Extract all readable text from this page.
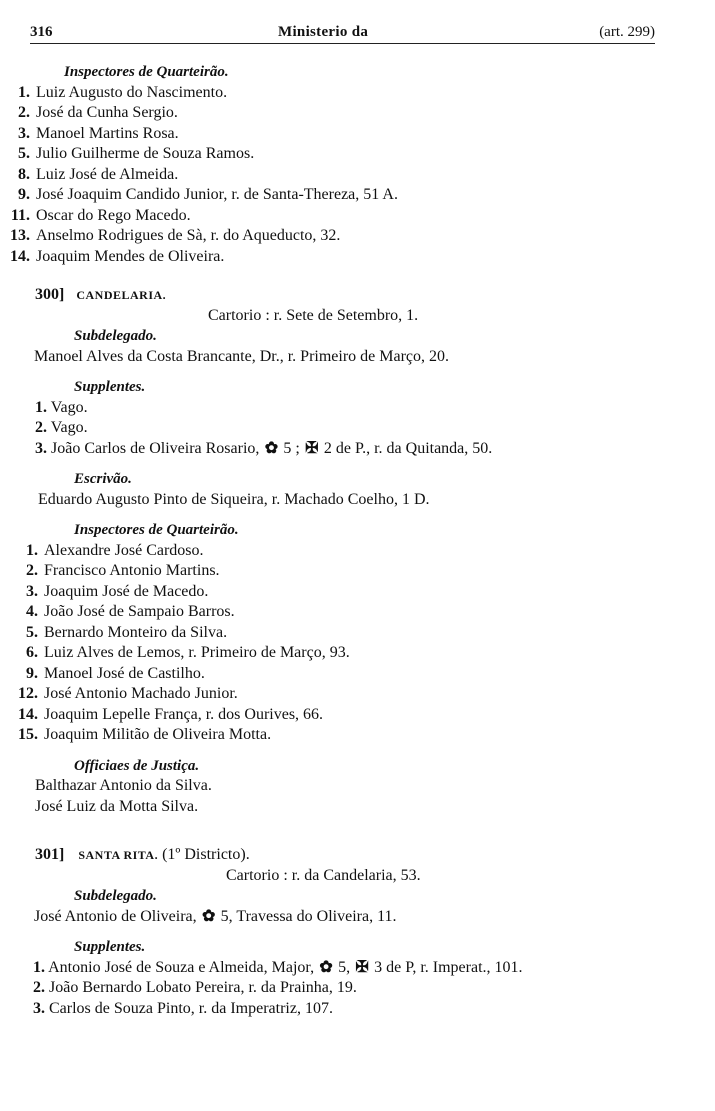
316	Ministerio da	(art. 299)
Inspectores de Quarteirão.
1. Luiz Augusto do Nascimento.
2. José da Cunha Sergio.
3. Manoel Martins Rosa.
5. Julio Guilherme de Souza Ramos.
8. Luiz José de Almeida.
9. José Joaquim Candido Junior, r. de Santa-Thereza, 51 A.
11. Oscar do Rego Macedo.
13. Anselmo Rodrigues de Sà, r. do Aqueducto, 32.
14. Joaquim Mendes de Oliveira.
300] CANDELARIA.
Cartorio : r. Sete de Setembro, 1.
Subdelegado.
Manoel Alves da Costa Brancante, Dr., r. Primeiro de Março, 20.
Supplentes.
1. Vago.
2. Vago.
3. João Carlos de Oliveira Rosario, ✿ 5 ; ✠ 2 de P., r. da Quitanda, 50.
Escrivão.
Eduardo Augusto Pinto de Siqueira, r. Machado Coelho, 1 D.
Inspectores de Quarteirão.
1. Alexandre José Cardoso.
2. Francisco Antonio Martins.
3. Joaquim José de Macedo.
4. João José de Sampaio Barros.
5. Bernardo Monteiro da Silva.
6. Luiz Alves de Lemos, r. Primeiro de Março, 93.
9. Manoel José de Castilho.
12. José Antonio Machado Junior.
14. Joaquim Lepelle França, r. dos Ourives, 66.
15. Joaquim Militão de Oliveira Motta.
Officiaes de Justiça.
Balthazar Antonio da Silva.
José Luiz da Motta Silva.
301] SANTA RITA. (1º Districto).
Cartorio : r. da Candelaria, 53.
Subdelegado.
José Antonio de Oliveira, ✿ 5, Travessa do Oliveira, 11.
Supplentes.
1. Antonio José de Souza e Almeida, Major, ✿ 5, ✠ 3 de P, r. Imperat., 101.
2. João Bernardo Lobato Pereira, r. da Prainha, 19.
3. Carlos de Souza Pinto, r. da Imperatriz, 107.
